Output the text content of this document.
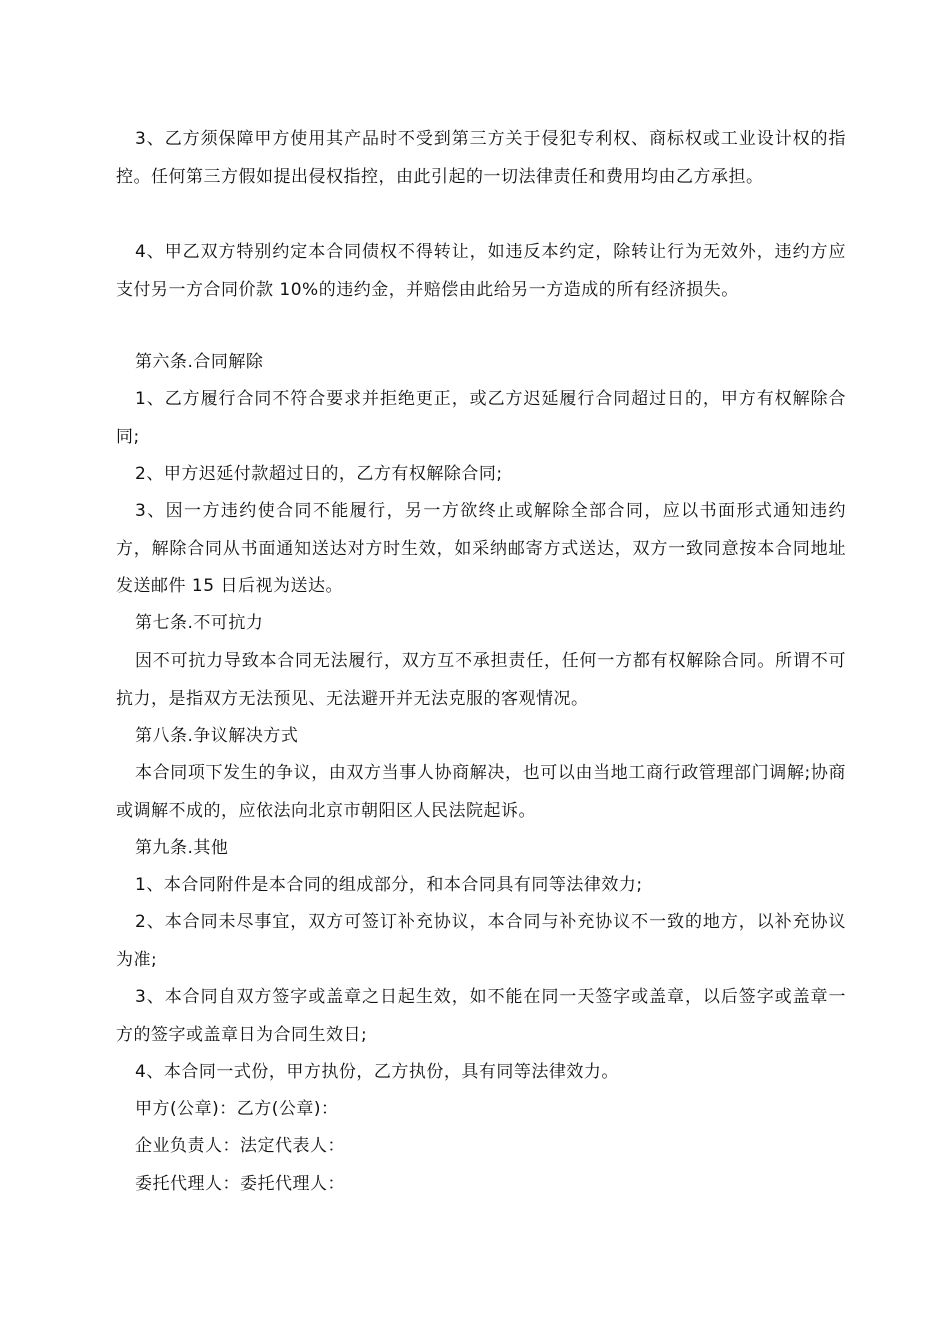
3、乙方须保障甲方使用其产品时不受到第三方关于侵犯专利权、商标权或工业设计权的指控。任何第三方假如提出侵权指控，由此引起的一切法律责任和费用均由乙方承担。

4、甲乙双方特别约定本合同债权不得转让，如违反本约定，除转让行为无效外，违约方应支付另一方合同价款 10%的违约金，并赔偿由此给另一方造成的所有经济损失。

第六条.合同解除

1、乙方履行合同不符合要求并拒绝更正，或乙方迟延履行合同超过日的，甲方有权解除合同;

2、甲方迟延付款超过日的，乙方有权解除合同;

3、因一方违约使合同不能履行，另一方欲终止或解除全部合同，应以书面形式通知违约方，解除合同从书面通知送达对方时生效，如采纳邮寄方式送达，双方一致同意按本合同地址发送邮件 15 日后视为送达。

第七条.不可抗力

因不可抗力导致本合同无法履行，双方互不承担责任，任何一方都有权解除合同。所谓不可抗力，是指双方无法预见、无法避开并无法克服的客观情况。

第八条.争议解决方式

本合同项下发生的争议，由双方当事人协商解决，也可以由当地工商行政管理部门调解;协商或调解不成的，应依法向北京市朝阳区人民法院起诉。

第九条.其他

1、本合同附件是本合同的组成部分，和本合同具有同等法律效力;

2、本合同未尽事宜，双方可签订补充协议，本合同与补充协议不一致的地方，以补充协议为准;

3、本合同自双方签字或盖章之日起生效，如不能在同一天签字或盖章，以后签字或盖章一方的签字或盖章日为合同生效日;

4、本合同一式份，甲方执份，乙方执份，具有同等法律效力。

甲方(公章)：乙方(公章)：

企业负责人：法定代表人：

委托代理人：委托代理人：
